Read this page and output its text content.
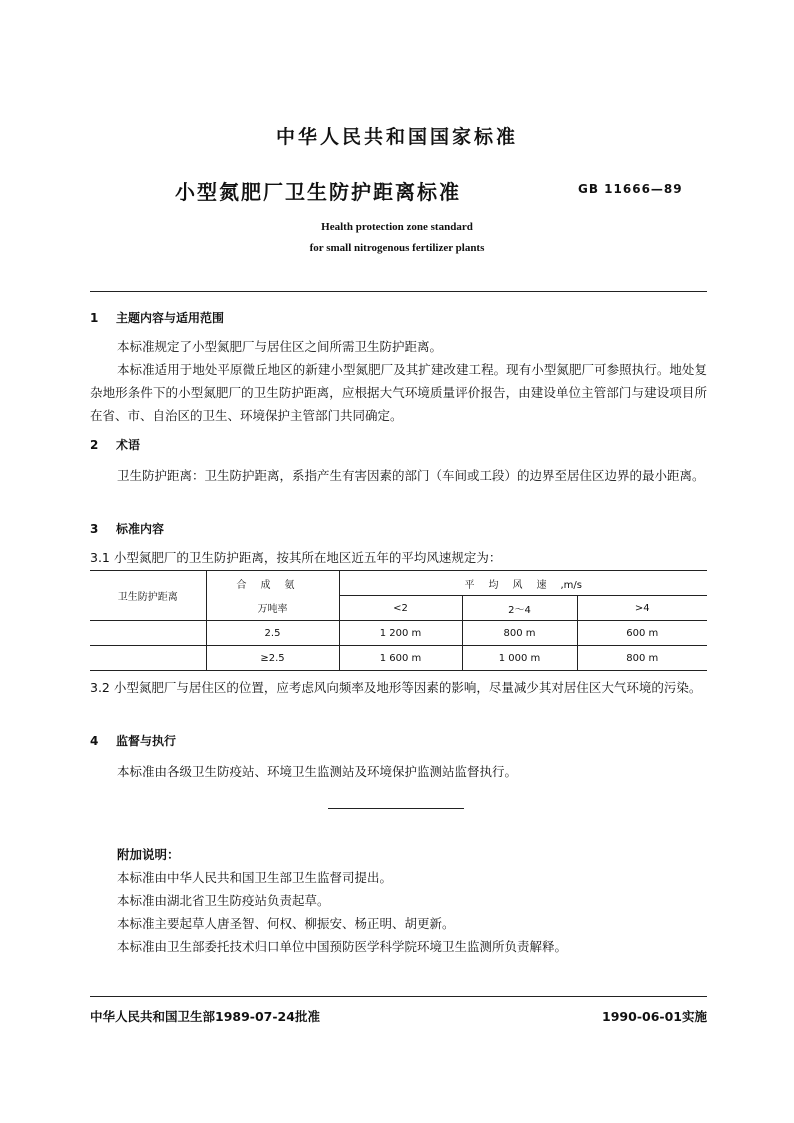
中华人民共和国国家标准
小型氮肥厂卫生防护距离标准	GB 11666—89
Health protection zone standard
for small nitrogenous fertilizer plants
1 主题内容与适用范围
本标准规定了小型氮肥厂与居住区之间所需卫生防护距离。
本标准适用于地处平原微丘地区的新建小型氮肥厂及其扩建改建工程。现有小型氮肥厂可参照执行。地处复杂地形条件下的小型氮肥厂的卫生防护距离，应根据大气环境质量评价报告，由建设单位主管部门与建设项目所在省、市、自治区的卫生、环境保护主管部门共同确定。
2 术语
卫生防护距离：卫生防护距离，系指产生有害因素的部门（车间或工段）的边界至居住区边界的最小距离。
3 标准内容
3.1 小型氮肥厂的卫生防护距离，按其所在地区近五年的平均风速规定为：
卫生防护距离	合成氨	平均风速,m/s		
	万吨率	<2	2～4	>4
	2.5	1 200 m	800 m	600 m
	≥2.5	1 600 m	1 000 m	800 m
3.2 小型氮肥厂与居住区的位置，应考虑风向频率及地形等因素的影响，尽量减少其对居住区大气环境的污染。
4 监督与执行
本标准由各级卫生防疫站、环境卫生监测站及环境保护监测站监督执行。
附加说明：
本标准由中华人民共和国卫生部卫生监督司提出。
本标准由湖北省卫生防疫站负责起草。
本标准主要起草人唐圣智、何权、柳振安、杨正明、胡更新。
本标准由卫生部委托技术归口单位中国预防医学科学院环境卫生监测所负责解释。
中华人民共和国卫生部1989-07-24批准	1990-06-01实施
